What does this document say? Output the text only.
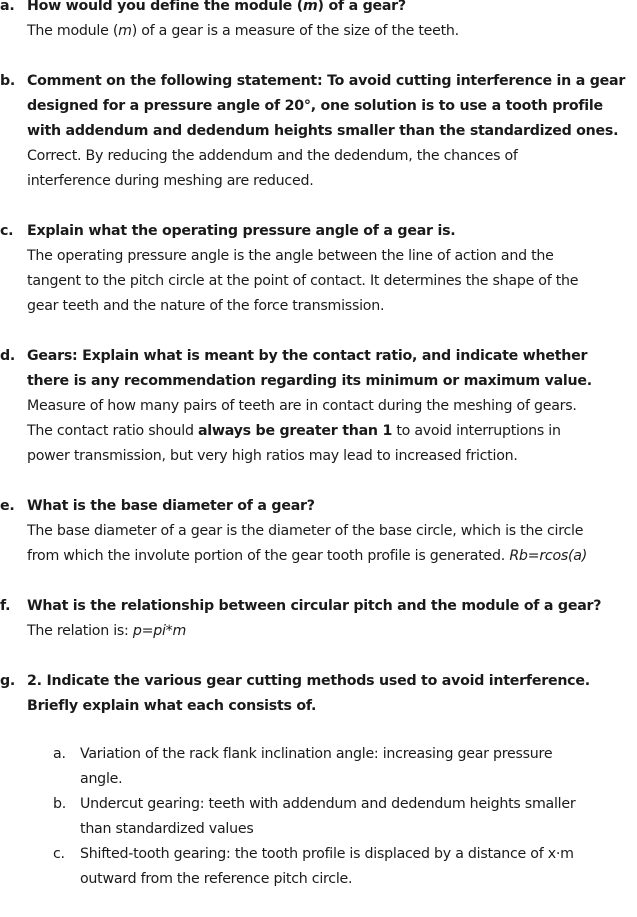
a. How would you define the module (m) of a gear?

The module (m) of a gear is a measure of the size of the teeth.

b. Comment on the following statement: To avoid cutting interference in a gear
designed for a pressure angle of 20°, one solution is to use a tooth profile
with addendum and dedendum heights smaller than the standardized ones.

Correct. By reducing the addendum and the dedendum, the chances of
interference during meshing are reduced.

c. Explain what the operating pressure angle of a gear is.

The operating pressure angle is the angle between the line of action and the
tangent to the pitch circle at the point of contact. It determines the shape of the
gear teeth and the nature of the force transmission.

d. Gears: Explain what is meant by the contact ratio, and indicate whether
there is any recommendation regarding its minimum or maximum value.

Measure of how many pairs of teeth are in contact during the meshing of gears.
The contact ratio should always be greater than 1 to avoid interruptions in
power transmission, but very high ratios may lead to increased friction.

e. What is the base diameter of a gear?

The base diameter of a gear is the diameter of the base circle, which is the circle
from which the involute portion of the gear tooth profile is generated. Rb=rcos(a)

f. What is the relationship between circular pitch and the module of a gear?

The relation is: p=pi*m

g. 2. Indicate the various gear cutting methods used to avoid interference.
Briefly explain what each consists of.

a. Variation of the rack flank inclination angle: increasing gear pressure
angle.
b. Undercut gearing: teeth with addendum and dedendum heights smaller
than standardized values
c. Shifted-tooth gearing: the tooth profile is displaced by a distance of x·m
outward from the reference pitch circle.
